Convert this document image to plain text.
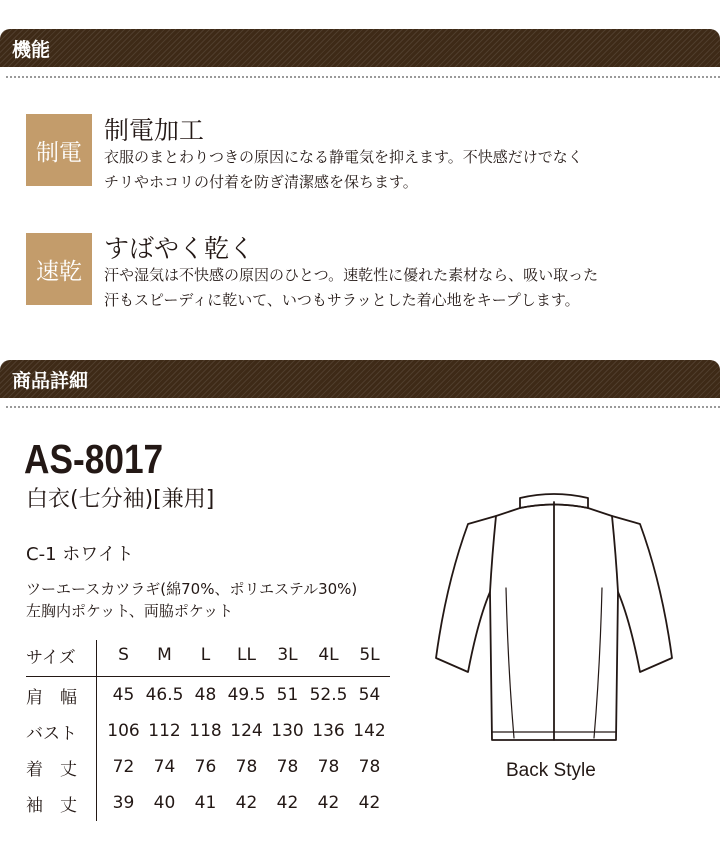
機能
制電
制電加工
衣服のまとわりつきの原因になる静電気を抑えます。不快感だけでなく
チリやホコリの付着を防ぎ清潔感を保ちます。
速乾
すばやく乾く
汗や湿気は不快感の原因のひとつ。速乾性に優れた素材なら、吸い取った
汗もスピーディに乾いて、いつもサラッとした着心地をキープします。
商品詳細
AS-8017
白衣(七分袖)[兼用]
C-1 ホワイト
ツーエースカツラギ(綿70%、ポリエステル30%)
左胸内ポケット、両脇ポケット
サイズ	S	M	L	LL	3L	4L	5L
肩　幅	45	46.5	48	49.5	51	52.5	54
バスト	106	112	118	124	130	136	142
着　丈	72	74	76	78	78	78	78
袖　丈	39	40	41	42	42	42	42
Back Style
